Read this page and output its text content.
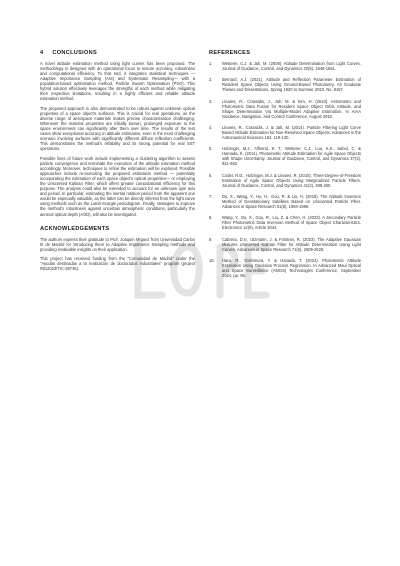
4 CONCLUSIONS

A novel attitude estimation method using light curves has been proposed. The methodology is designed with an operational focus to ensure accuracy, robustness and computational efficiency. To that end, it integrates statistical techniques —Adaptive Importance Sampling (AIS) and Systematic Resampling— with a population-based optimisation method, Particle Swarm Optimisation (PSO). This hybrid solution effectively leverages the strengths of each method while mitigating their respective limitations, resulting in a highly efficient and reliable attitude estimation method.

The proposed approach is also demonstrated to be robust against unknown optical properties of a space object's surfaces. This is crucial for real operations, as the diverse range of aerospace materials makes precise characterisation challenging. Whenever the material properties are initially known, prolonged exposure to the space environment can significantly alter them over time. The results of the test cases show exceptional accuracy in attitude estimation, even in the most challenging scenario involving surfaces with significantly different diffuse reflection coefficients. This demonstrates the method's reliability and its strong potential for real SST operations.

Possible lines of future work include implementing a clustering algorithm to assess particle convergence and terminate the execution of the attitude estimation method accordingly. Moreover, techniques to refine the estimation will be explored. Possible approaches include re-executing the proposed estimation method — potentially incorporating the estimation of each space object's optical properties— or employing the Unscented Kalman Filter, which offers greater computational efficiency for this purpose. The analysis could also be extended to account for an unknown spin axis and period. In particular, estimating the inertial rotation period from the apparent one would be especially valuable, as the latter can be directly inferred from the light curve using methods such as the Lomb-Scargle periodogram. Finally, strategies to improve the method's robustness against uncertain atmospheric conditions, particularly the aerosol optical depth (AOD), will also be investigated.

ACKNOWLEDGEMENTS

The authors express their gratitude to Prof. Joaquín Míguez from Universidad Carlos III de Madrid for introducing them to Adaptive Importance Sampling methods and providing invaluable insights on their application.

This project has received funding from the "Comunidad de Madrid" under the "Ayudas destinadas a la realización de doctorados industriales" program (project IND2023/TIC-28736).

REFERENCES
1. Wetterer, C.J. & Jah, M. (2009). Attitude Determination from Light Curves. Journal of Guidance, Control, and Dynamics 32(5), 1648-1651.
2. Bernard, A.J. (2021). Attitude and Reflection Parameter Estimation of Resident Space Objects Using Ground-Based Photometry. All Graduate Theses and Dissertations, Spring 1920 to Summer 2023, No. 8187.
3. Linares, R., Crassidis, J., Jah, M. & Kim, H. (2010). Astrometric and Photometric Data Fusion for Resident Space Object Orbit, Attitude, and Shape Determination Via Multiple-Model Adaptive Estimation. In AIAA Guidance, Navigation, and Control Conference, August 2010.
4. Linares, R., Crassidis, J. & Jah, M. (2014). Particle Filtering Light Curve Based Attitude Estimation for Non-Resolved Space Objects. Advances in the Astronautical Sciences 152, 119-130.
5. Holzinger, M.J., Alfriend, K. T., Wetterer, C.J., Luu, K.K., Sabol, C. & Hamada, K. (2014). Photometric Attitude Estimation for Agile Space Objects with Shape Uncertainty. Journal of Guidance, Control, and Dynamics 37(3), 921-932.
6. Coder, R.D., Holzinger, M.J. & Linares, R. (2018). Three-Degree-of-Freedom Estimation of Agile Space Objects Using Marginalized Particle Filters. Journal of Guidance, Control, and Dynamics 41(2), 388-400.
7. Du, X., Wang, Y., Hu, H., Gou, R. & Liu, H. (2018). The Attitude Inversion Method of Geostationary Satellites Based on Unscented Particle Filter. Advances in Space Research 61(8), 1984-1996.
8. Wang, Y., Du, X., Gou, R., Liu, Z. & Chen, H. (2023). A Secondary Particle Filter Photometric Data Inversion Method of Space Object Characteristics. Electronics 12(9), Article 2044.
9. Cabrera, D.V., Utzmann, J. & Förstner, R. (2023). The Adaptive Gaussian Mixtures Unscented Kalman Filter for Attitude Determination Using Light Curves. Advances in Space Research 71(6), 2609-2628.
10. Hara, R., Yoshimura, Y. & Hanada, T. (2024). Photometric Attitude Estimation Using Gaussian Process Regression. In Advanced Maui Optical and Space Surveillance (AMOS) Technologies Conference, September 2024, pp. 96.
